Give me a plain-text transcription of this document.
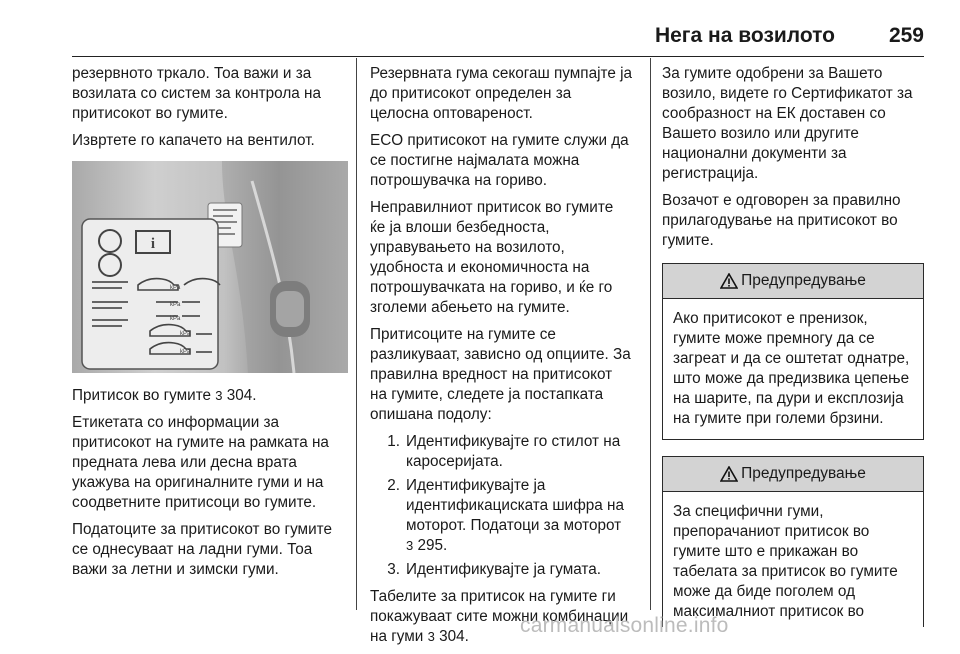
Нега на возилото	259

резервното тркало. Тоа важи и за возилата со систем за контрола на притисокот во гумите.

Извртете го капачето на вентилот.

i
kPa
kPa
kPa
kPa
kPa

Притисок во гумите 3 304.

Етикетата со информации за притисокот на гумите на рамката на предната лева или десна врата укажува на оригиналните гуми и на соодветните притисоци во гумите.

Податоците за притисокот во гумите се однесуваат на ладни гуми. Тоа важи за летни и зимски гуми.

Резервната гума секогаш пумпајте ја до притисокот определен за целосна оптовареност.

ECO притисокот на гумите служи да се постигне најмалата можна потрошувачка на гориво.

Неправилниот притисок во гумите ќе ја влоши безбедноста, управувањето на возилото, удобноста и економичноста на потрошувачката на гориво, и ќе го зголеми абењето на гумите.

Притисоците на гумите се разликуваат, зависно од опциите. За правилна вредност на притисокот на гумите, следете ја постапката опишана подолу:

1. Идентификувајте го стилот на каросеријата.
2. Идентификувајте ја идентификациската шифра на моторот. Податоци за моторот
3 295.
3. Идентификувајте ја гумата.

Табелите за притисок на гумите ги покажуваат сите можни комбинации на гуми 3 304.

За гумите одобрени за Вашето возило, видете го Сертификатот за сообразност на ЕК доставен со Вашето возило или другите национални документи за регистрација.

Возачот е одговорен за правилно прилагодување на притисокот во гумите.

Предупредување
Ако притисокот е пренизок, гумите може премногу да се загреат и да се оштетат однатре, што може да предизвика цепење на шарите, па дури и експлозија на гумите при големи брзини.
Предупредување
За специфични гуми, препорачаниот притисок во гумите што е прикажан во табелата за притисок во гумите може да биде поголем од максималниот притисок во
carmanualsonline.info
